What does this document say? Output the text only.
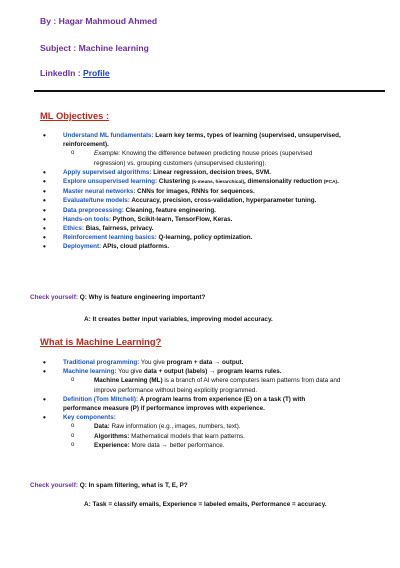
By : Hagar Mahmoud Ahmed
Subject : Machine learning
LinkedIn : Profile
ML Objectives :
• Understand ML fundamentals: Learn key terms, types of learning (supervised, unsupervised,
reinforcement).
o Example: Knowing the difference between predicting house prices (supervised
regression) vs. grouping customers (unsupervised clustering).
• Apply supervised algorithms: Linear regression, decision trees, SVM.
• Explore unsupervised learning: Clustering (k-means, hierarchical), dimensionality reduction (PCA).
• Master neural networks: CNNs for images, RNNs for sequences.
• Evaluate/tune models: Accuracy, precision, cross-validation, hyperparameter tuning.
• Data preprocessing: Cleaning, feature engineering.
• Hands-on tools: Python, Scikit-learn, TensorFlow, Keras.
• Ethics: Bias, fairness, privacy.
• Reinforcement learning basics: Q-learning, policy optimization.
• Deployment: APIs, cloud platforms.
Check yourself: Q: Why is feature engineering important?
A: It creates better input variables, improving model accuracy.
What is Machine Learning?
• Traditional programming: You give program + data → output.
• Machine learning: You give data + output (labels) → program learns rules.
o Machine Learning (ML) is a branch of AI where computers learn patterns from data and
improve performance without being explicitly programmed.
• Definition (Tom Mitchell): A program learns from experience (E) on a task (T) with
performance measure (P) if performance improves with experience.
• Key components:
o Data: Raw information (e.g., images, numbers, text).
o Algorithms: Mathematical models that learn patterns.
o Experience: More data → better performance.
Check yourself: Q: In spam filtering, what is T, E, P?
A: Task = classify emails, Experience = labeled emails, Performance = accuracy.
